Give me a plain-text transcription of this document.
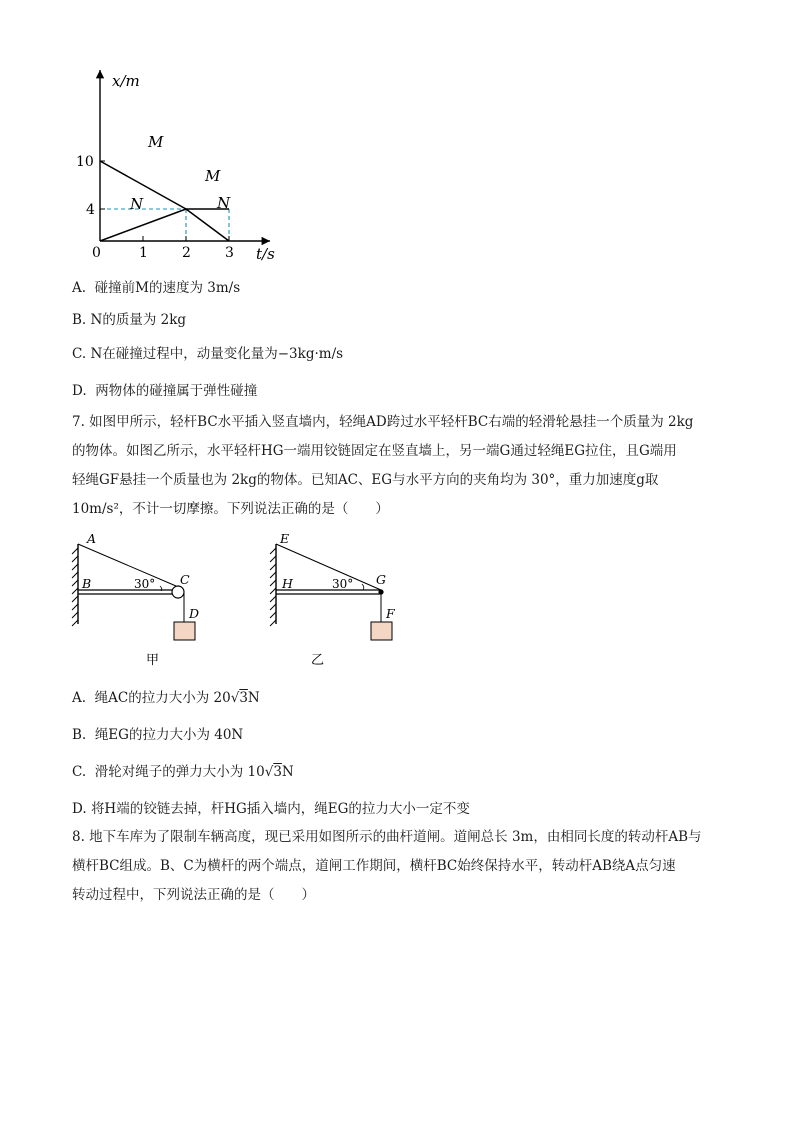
0	1 2 3
10
4
x/m
t/s
M
N
M
N
A. 碰撞前M的速度为 3m/s
B. N的质量为 2kg
C. N在碰撞过程中，动量变化量为−3kg·m/s
D. 两物体的碰撞属于弹性碰撞
7. 如图甲所示，轻杆BC水平插入竖直墙内，轻绳AD跨过水平轻杆BC右端的轻滑轮悬挂一个质量为 2kg
的物体。如图乙所示，水平轻杆HG一端用铰链固定在竖直墙上，另一端G通过轻绳EG拉住，且G端用
轻绳GF悬挂一个质量也为 2kg的物体。已知AC、EG与水平方向的夹角均为 30°，重力加速度g取
10m/s²，不计一切摩擦。下列说法正确的是（　　）
A
B	C
D
30°
甲
E
H	G
F
30°
乙
A. 绳AC的拉力大小为 20√3N
B. 绳EG的拉力大小为 40N
C. 滑轮对绳子的弹力大小为 10√3N
D. 将H端的铰链去掉，杆HG插入墙内，绳EG的拉力大小一定不变
8. 地下车库为了限制车辆高度，现已采用如图所示的曲杆道闸。道闸总长 3m，由相同长度的转动杆AB与
横杆BC组成。B、C为横杆的两个端点，道闸工作期间，横杆BC始终保持水平，转动杆AB绕A点匀速
转动过程中，下列说法正确的是（　　）
